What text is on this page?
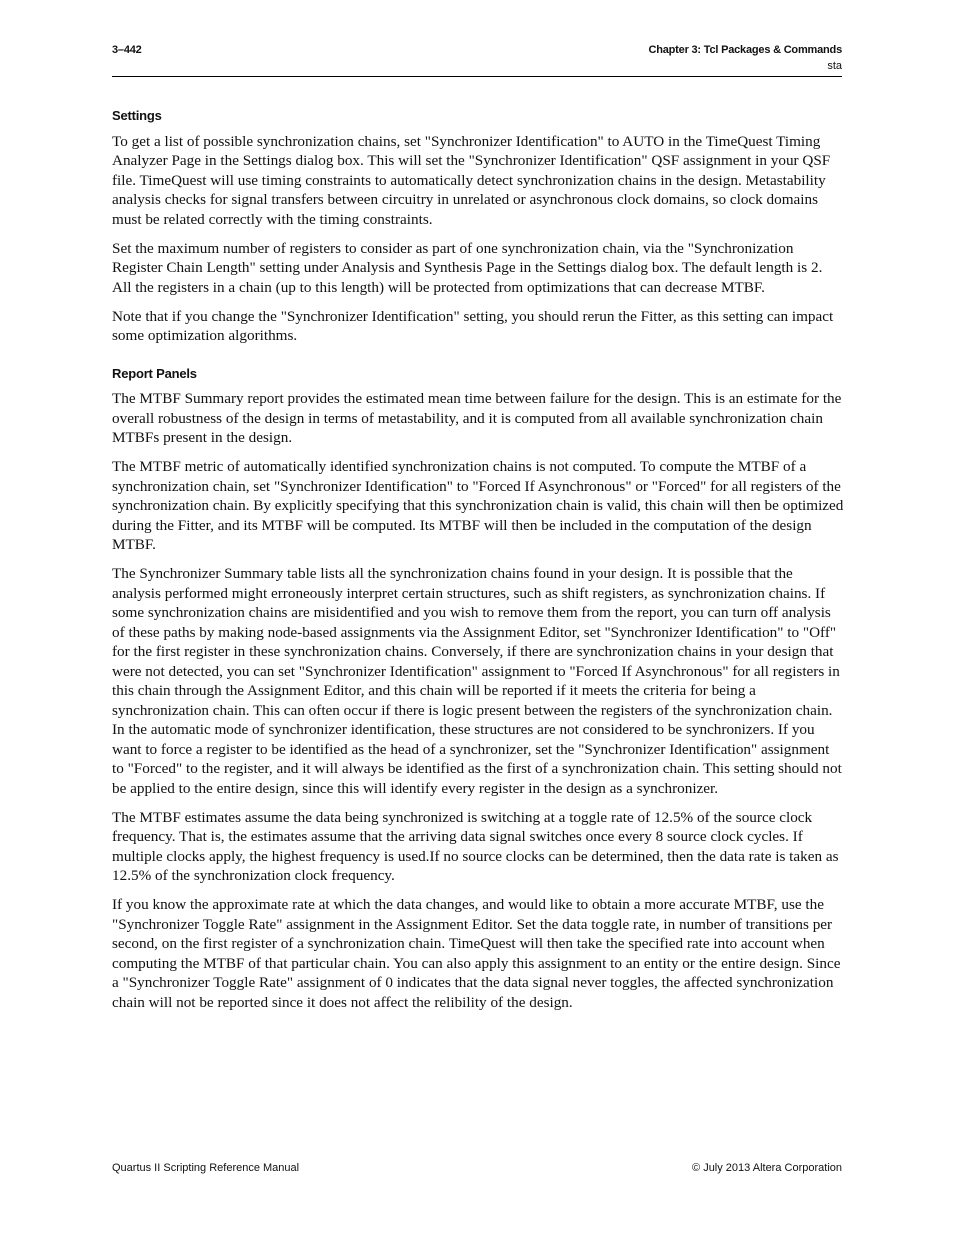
3–442	Chapter 3: Tcl Packages & Commands
sta
Settings

To get a list of possible synchronization chains, set "Synchronizer Identification" to AUTO in the TimeQuest Timing Analyzer Page in the Settings dialog box. This will set the "Synchronizer Identification" QSF assignment in your QSF file. TimeQuest will use timing constraints to automatically detect synchronization chains in the design. Metastability analysis checks for signal transfers between circuitry in unrelated or asynchronous clock domains, so clock domains must be related correctly with the timing constraints.

Set the maximum number of registers to consider as part of one synchronization chain, via the "Synchronization Register Chain Length" setting under Analysis and Synthesis Page in the Settings dialog box. The default length is 2. All the registers in a chain (up to this length) will be protected from optimizations that can decrease MTBF.

Note that if you change the "Synchronizer Identification" setting, you should rerun the Fitter, as this setting can impact some optimization algorithms.

Report Panels

The MTBF Summary report provides the estimated mean time between failure for the design. This is an estimate for the overall robustness of the design in terms of metastability, and it is computed from all available synchronization chain MTBFs present in the design.

The MTBF metric of automatically identified synchronization chains is not computed. To compute the MTBF of a synchronization chain, set "Synchronizer Identification" to "Forced If Asynchronous" or "Forced" for all registers of the synchronization chain. By explicitly specifying that this synchronization chain is valid, this chain will then be optimized during the Fitter, and its MTBF will be computed. Its MTBF will then be included in the computation of the design MTBF.

The Synchronizer Summary table lists all the synchronization chains found in your design. It is possible that the analysis performed might erroneously interpret certain structures, such as shift registers, as synchronization chains. If some synchronization chains are misidentified and you wish to remove them from the report, you can turn off analysis of these paths by making node-based assignments via the Assignment Editor, set "Synchronizer Identification" to "Off" for the first register in these synchronization chains. Conversely, if there are synchronization chains in your design that were not detected, you can set "Synchronizer Identification" assignment to "Forced If Asynchronous" for all registers in this chain through the Assignment Editor, and this chain will be reported if it meets the criteria for being a synchronization chain. This can often occur if there is logic present between the registers of the synchronization chain. In the automatic mode of synchronizer identification, these structures are not considered to be synchronizers. If you want to force a register to be identified as the head of a synchronizer, set the "Synchronizer Identification" assignment to "Forced" to the register, and it will always be identified as the first of a synchronization chain. This setting should not be applied to the entire design, since this will identify every register in the design as a synchronizer.

The MTBF estimates assume the data being synchronized is switching at a toggle rate of 12.5% of the source clock frequency. That is, the estimates assume that the arriving data signal switches once every 8 source clock cycles. If multiple clocks apply, the highest frequency is used.If no source clocks can be determined, then the data rate is taken as 12.5% of the synchronization clock frequency.

If you know the approximate rate at which the data changes, and would like to obtain a more accurate MTBF, use the "Synchronizer Toggle Rate" assignment in the Assignment Editor. Set the data toggle rate, in number of transitions per second, on the first register of a synchronization chain. TimeQuest will then take the specified rate into account when computing the MTBF of that particular chain. You can also apply this assignment to an entity or the entire design. Since a "Synchronizer Toggle Rate" assignment of 0 indicates that the data signal never toggles, the affected synchronization chain will not be reported since it does not affect the relibility of the design.

Quartus II Scripting Reference Manual	© July 2013 Altera Corporation
